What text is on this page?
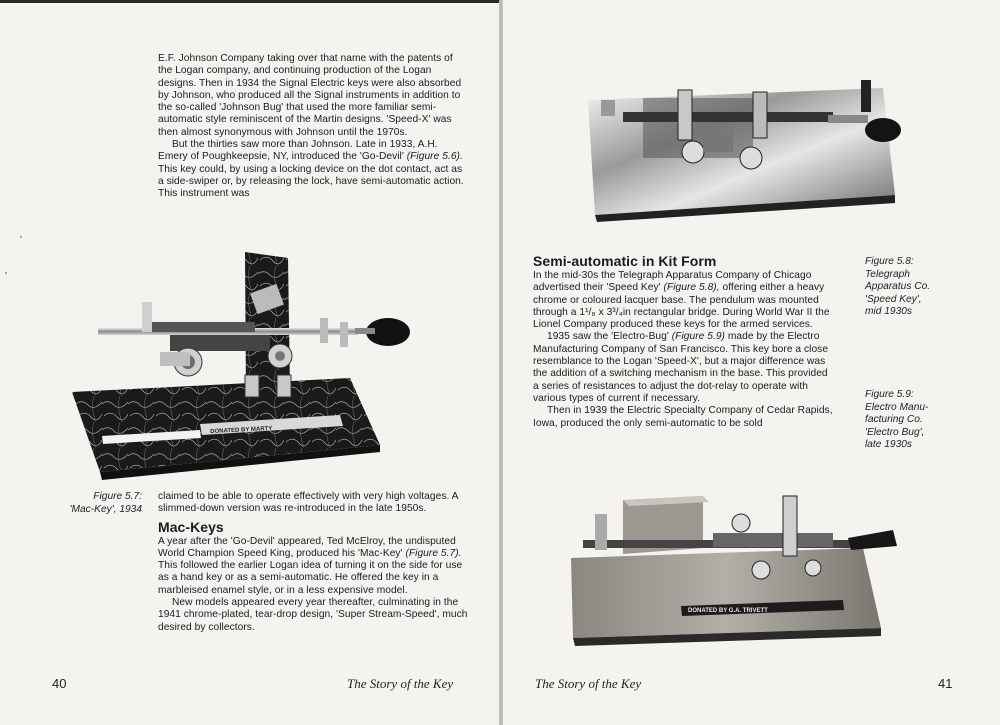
E.F. Johnson Company taking over that name with the patents of the Logan company, and continuing production of the Logan designs. Then in 1934 the Signal Electric keys were also absorbed by Johnson, who produced all the Signal instruments in addition to the so-called 'Johnson Bug' that used the more familiar semi-automatic style reminiscent of the Martin designs. 'Speed-X' was then almost synonymous with Johnson until the 1970s.

But the thirties saw more than Johnson. Late in 1933, A.H. Emery of Poughkeepsie, NY, introduced the 'Go-Devil' (Figure 5.6). This key could, by using a locking device on the dot contact, act as a side-swiper or, by releasing the lock, have semi-automatic action. This instrument was

DONATED BY MARTY
Figure 5.7:
'Mac-Key', 1934

claimed to be able to operate effectively with very high voltages. A slimmed-down version was re-introduced in the late 1950s.

Mac-Keys

A year after the 'Go-Devil' appeared, Ted McElroy, the undisputed World Champion Speed King, produced his 'Mac-Key' (Figure 5.7). This followed the earlier Logan idea of turning it on the side for use as a hand key or as a semi-automatic. He offered the key in a marbleised enamel style, or in a less expensive model.

New models appeared every year thereafter, culminating in the 1941 chrome-plated, tear-drop design, 'Super Stream-Speed', much desired by collectors.

40	The Story of the Key
Semi-automatic in Kit Form

In the mid-30s the Telegraph Apparatus Company of Chicago advertised their 'Speed Key' (Figure 5.8), offering either a heavy chrome or coloured lacquer base. The pendulum was mounted through a 1¹/₈ x 3³/₄in rectangular bridge. During World War II the Lionel Company produced these keys for the armed services.

1935 saw the 'Electro-Bug' (Figure 5.9) made by the Electro Manufacturing Company of San Francisco. This key bore a close resemblance to the Logan 'Speed-X', but a major difference was the addition of a switching mechanism in the base. This provided a series of resistances to adjust the dot-relay to operate with various types of current if necessary.

Then in 1939 the Electric Specialty Company of Cedar Rapids, Iowa, produced the only semi-automatic to be sold

Figure 5.8:
Telegraph
Apparatus Co.
'Speed Key',
mid 1930s
Figure 5.9:
Electro Manu-
facturing Co.
'Electro Bug',
late 1930s
DONATED BY G.A. TRIVETT
The Story of the Key	41
